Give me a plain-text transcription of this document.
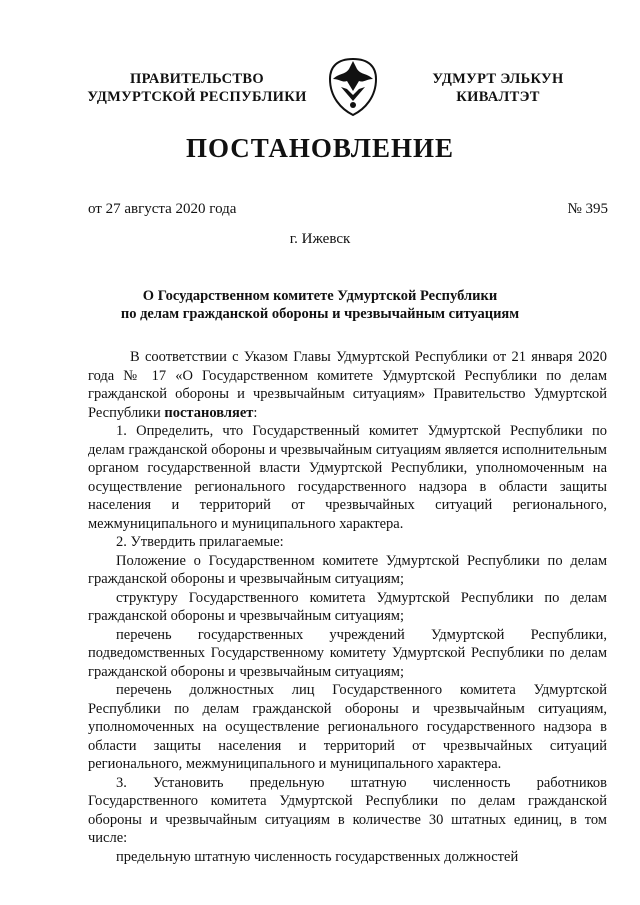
ПРАВИТЕЛЬСТВО
УДМУРТСКОЙ РЕСПУБЛИКИ
УДМУРТ ЭЛЬКУН
КИВАЛТЭТ
ПОСТАНОВЛЕНИЕ
от 27 августа 2020 года	№ 395
г. Ижевск
О Государственном комитете Удмуртской Республики
по делам гражданской обороны и чрезвычайным ситуациям

В соответствии с Указом Главы Удмуртской Республики от 21 января 2020 года № 17 «О Государственном комитете Удмуртской Республики по делам гражданской обороны и чрезвычайным ситуациям» Правительство Удмуртской Республики постановляет:

1. Определить, что Государственный комитет Удмуртской Республики по делам гражданской обороны и чрезвычайным ситуациям является исполнительным органом государственной власти Удмуртской Республики, уполномоченным на осуществление регионального государственного надзора в области защиты населения и территорий от чрезвычайных ситуаций регионального, межмуниципального и муниципального характера.

2. Утвердить прилагаемые:

Положение о Государственном комитете Удмуртской Республики по делам гражданской обороны и чрезвычайным ситуациям;

структуру Государственного комитета Удмуртской Республики по делам гражданской обороны и чрезвычайным ситуациям;

перечень государственных учреждений Удмуртской Республики, подведомственных Государственному комитету Удмуртской Республики по делам гражданской обороны и чрезвычайным ситуациям;

перечень должностных лиц Государственного комитета Удмуртской Республики по делам гражданской обороны и чрезвычайным ситуациям, уполномоченных на осуществление регионального государственного надзора в области защиты населения и территорий от чрезвычайных ситуаций регионального, межмуниципального и муниципального характера.

3. Установить предельную штатную численность работников Государственного комитета Удмуртской Республики по делам гражданской обороны и чрезвычайным ситуациям в количестве 30 штатных единиц, в том числе:

предельную штатную численность государственных должностей
